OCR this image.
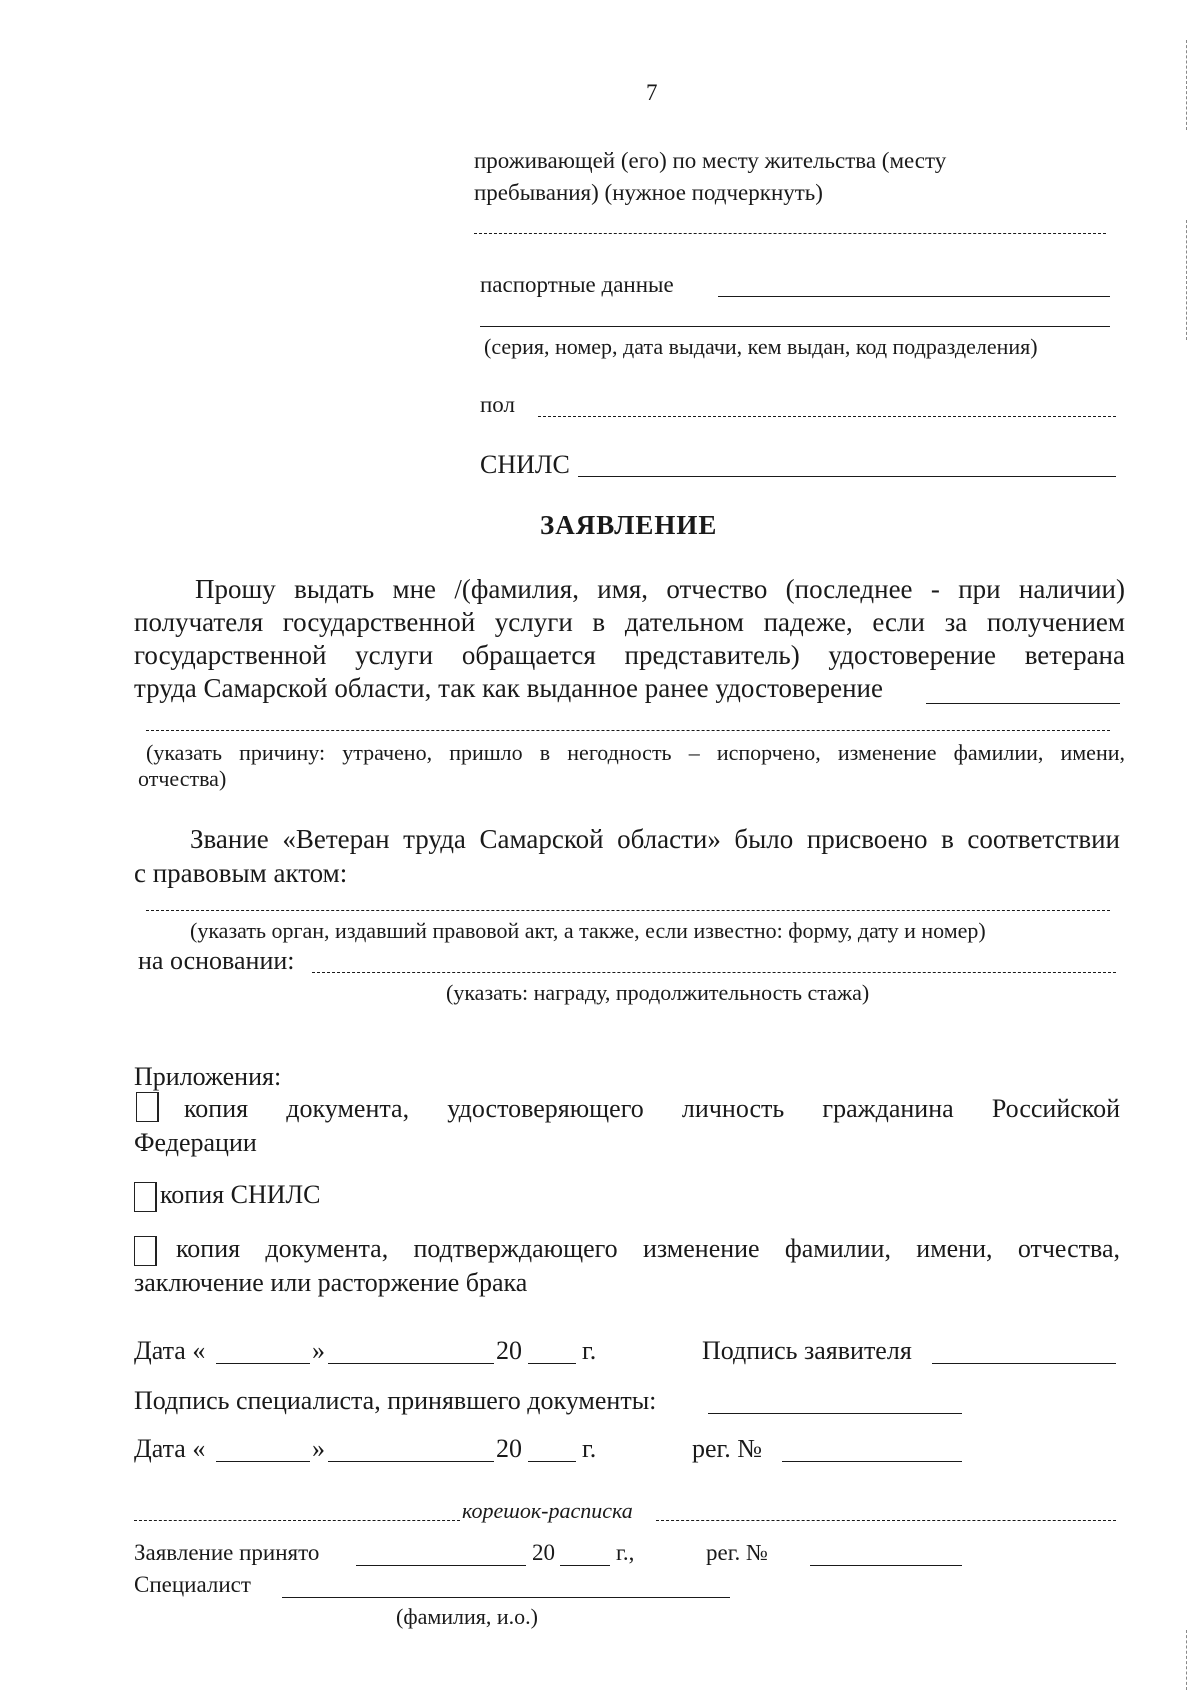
7
проживающей (его) по месту жительства (месту
пребывания) (нужное подчеркнуть)
паспортные данные
(серия, номер, дата выдачи, кем выдан, код подразделения)
пол
СНИЛС
ЗАЯВЛЕНИЕ
Прошу выдать мне /(фамилия, имя, отчество (последнее - при наличии)
получателя государственной услуги в дательном падеже, если за получением
государственной услуги обращается представитель) удостоверение ветерана
труда Самарской области, так как выданное ранее удостоверение
(указать причину: утрачено, пришло в негодность – испорчено, изменение фамилии, имени,
отчества)
Звание «Ветеран труда Самарской области» было присвоено в соответствии
с правовым актом:
(указать орган, издавший правовой акт, а также, если известно: форму, дату и номер)
на основании:
(указать: награду, продолжительность стажа)
Приложения:
копия документа, удостоверяющего личность гражданина Российской
Федерации
копия СНИЛС
копия документа, подтверждающего изменение фамилии, имени, отчества,
заключение или расторжение брака
Дата «	»	20 г.	Подпись заявителя
Подпись специалиста, принявшего документы:
Дата «	»	20 г.	рег. №
корешок-расписка
Заявление принято	20	г.,	рег. №
Специалист
(фамилия, и.о.)
